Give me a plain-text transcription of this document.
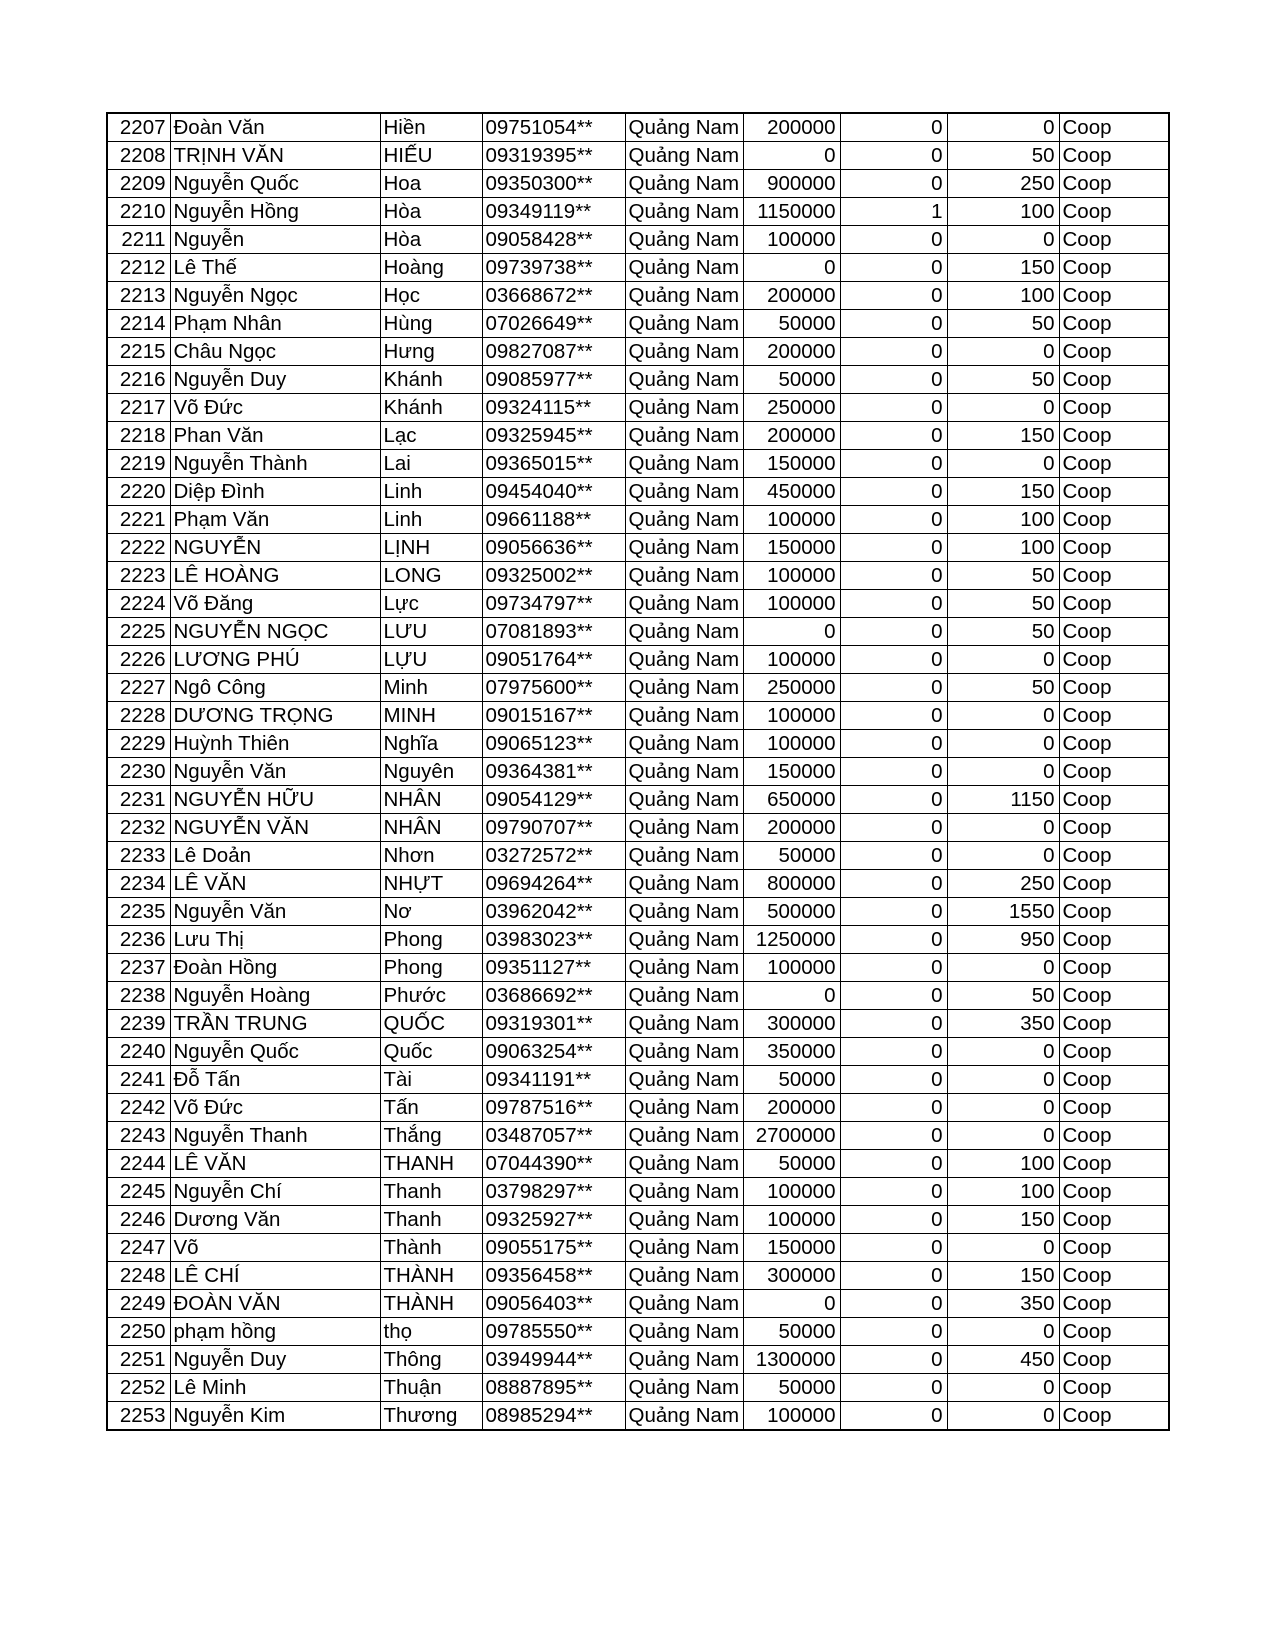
2207	Đoàn Văn	Hiền	09751054**	Quảng Nam	200000	0	0	Coop
2208	TRỊNH VĂN	HIẾU	09319395**	Quảng Nam	0	0	50	Coop
2209	Nguyễn Quốc	Hoa	09350300**	Quảng Nam	900000	0	250	Coop
2210	Nguyễn Hồng	Hòa	09349119**	Quảng Nam	1150000	1	100	Coop
2211	Nguyễn	Hòa	09058428**	Quảng Nam	100000	0	0	Coop
2212	Lê Thế	Hoàng	09739738**	Quảng Nam	0	0	150	Coop
2213	Nguyễn Ngọc	Học	03668672**	Quảng Nam	200000	0	100	Coop
2214	Phạm Nhân	Hùng	07026649**	Quảng Nam	50000	0	50	Coop
2215	Châu Ngọc	Hưng	09827087**	Quảng Nam	200000	0	0	Coop
2216	Nguyễn Duy	Khánh	09085977**	Quảng Nam	50000	0	50	Coop
2217	Võ Đức	Khánh	09324115**	Quảng Nam	250000	0	0	Coop
2218	Phan Văn	Lạc	09325945**	Quảng Nam	200000	0	150	Coop
2219	Nguyễn Thành	Lai	09365015**	Quảng Nam	150000	0	0	Coop
2220	Diệp Đình	Linh	09454040**	Quảng Nam	450000	0	150	Coop
2221	Phạm Văn	Linh	09661188**	Quảng Nam	100000	0	100	Coop
2222	NGUYỄN	LỊNH	09056636**	Quảng Nam	150000	0	100	Coop
2223	LÊ HOÀNG	LONG	09325002**	Quảng Nam	100000	0	50	Coop
2224	Võ Đăng	Lực	09734797**	Quảng Nam	100000	0	50	Coop
2225	NGUYỄN NGỌC	LƯU	07081893**	Quảng Nam	0	0	50	Coop
2226	LƯƠNG PHÚ	LỰU	09051764**	Quảng Nam	100000	0	0	Coop
2227	Ngô Công	Minh	07975600**	Quảng Nam	250000	0	50	Coop
2228	DƯƠNG TRỌNG	MINH	09015167**	Quảng Nam	100000	0	0	Coop
2229	Huỳnh Thiên	Nghĩa	09065123**	Quảng Nam	100000	0	0	Coop
2230	Nguyễn Văn	Nguyên	09364381**	Quảng Nam	150000	0	0	Coop
2231	NGUYỄN HỮU	NHÂN	09054129**	Quảng Nam	650000	0	1150	Coop
2232	NGUYỄN VĂN	NHÂN	09790707**	Quảng Nam	200000	0	0	Coop
2233	Lê Doản	Nhơn	03272572**	Quảng Nam	50000	0	0	Coop
2234	LÊ VĂN	NHỰT	09694264**	Quảng Nam	800000	0	250	Coop
2235	Nguyễn Văn	Nơ	03962042**	Quảng Nam	500000	0	1550	Coop
2236	Lưu Thị	Phong	03983023**	Quảng Nam	1250000	0	950	Coop
2237	Đoàn Hồng	Phong	09351127**	Quảng Nam	100000	0	0	Coop
2238	Nguyễn Hoàng	Phước	03686692**	Quảng Nam	0	0	50	Coop
2239	TRẦN TRUNG	QUỐC	09319301**	Quảng Nam	300000	0	350	Coop
2240	Nguyễn Quốc	Quốc	09063254**	Quảng Nam	350000	0	0	Coop
2241	Đỗ Tấn	Tài	09341191**	Quảng Nam	50000	0	0	Coop
2242	Võ Đức	Tấn	09787516**	Quảng Nam	200000	0	0	Coop
2243	Nguyễn Thanh	Thắng	03487057**	Quảng Nam	2700000	0	0	Coop
2244	LÊ VĂN	THANH	07044390**	Quảng Nam	50000	0	100	Coop
2245	Nguyễn Chí	Thanh	03798297**	Quảng Nam	100000	0	100	Coop
2246	Dương Văn	Thanh	09325927**	Quảng Nam	100000	0	150	Coop
2247	Võ	Thành	09055175**	Quảng Nam	150000	0	0	Coop
2248	LÊ CHÍ	THÀNH	09356458**	Quảng Nam	300000	0	150	Coop
2249	ĐOÀN VĂN	THÀNH	09056403**	Quảng Nam	0	0	350	Coop
2250	phạm hồng	thọ	09785550**	Quảng Nam	50000	0	0	Coop
2251	Nguyễn Duy	Thông	03949944**	Quảng Nam	1300000	0	450	Coop
2252	Lê Minh	Thuận	08887895**	Quảng Nam	50000	0	0	Coop
2253	Nguyễn Kim	Thương	08985294**	Quảng Nam	100000	0	0	Coop
